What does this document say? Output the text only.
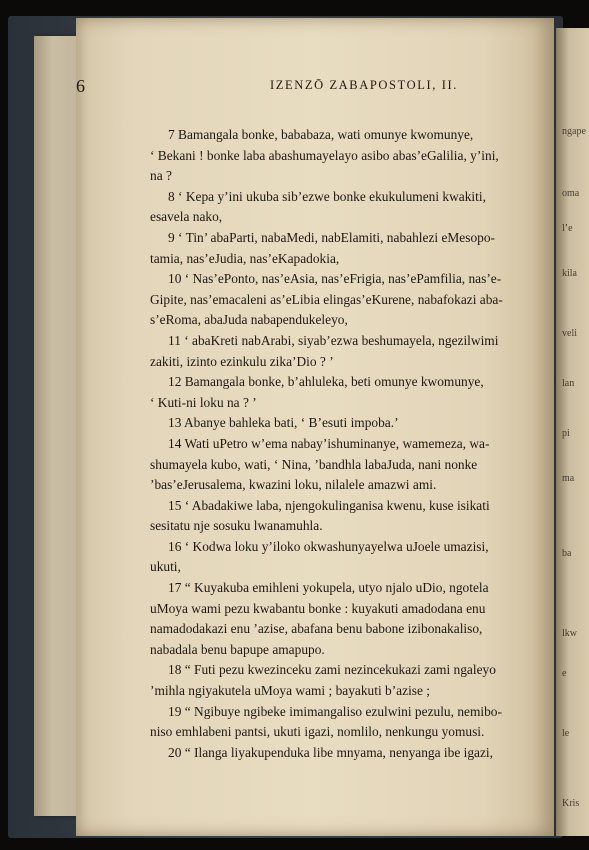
ngape
oma
l’e
kila
veli
lan
pi
ma
ba
lkw
e
le
Kris
6	IZENZŌ ZABAPOSTOLI, II.
7 Bamangala bonke, bababaza, wati omunye kwomunye,
‘ Bekani ! bonke laba abashumayelayo asibo abas’eGalilia, y’ini,
na ?
8 ‘ Kepa y’ini ukuba sib’ezwe bonke ekukulumeni kwakiti,
esavela nako,
9 ‘ Tin’ abaParti, nabaMedi, nabElamiti, nabahlezi eMesopo-
tamia, nas’eJudia, nas’eKapadokia,
10 ‘ Nas’ePonto, nas’eAsia, nas’eFrigia, nas’ePamfilia, nas’e-
Gipite, nas’emacaleni as’eLibia elingas’eKurene, nabafokazi aba-
s’eRoma, abaJuda nabapendukeleyo,
11 ‘ abaKreti nabArabi, siyab’ezwa beshumayela, ngezilwimi
zakiti, izinto ezinkulu zika’Dio ? ’
12 Bamangala bonke, b’ahluleka, beti omunye kwomunye,
‘ Kuti-ni loku na ? ’
13 Abanye bahleka bati, ‘ B’esuti impoba.’
14 Wati uPetro w’ema nabay’ishuminanye, wamemeza, wa-
shumayela kubo, wati, ‘ Nina, ’bandhla labaJuda, nani nonke
’bas’eJerusalema, kwazini loku, nilalele amazwi ami.
15 ‘ Abadakiwe laba, njengokulinganisa kwenu, kuse isikati
sesitatu nje sosuku lwanamuhla.
16 ‘ Kodwa loku y’iloko okwashunyayelwa uJoele umazisi,
ukuti,
17 “ Kuyakuba emihleni yokupela, utyo njalo uDio, ngotela
uMoya wami pezu kwabantu bonke : kuyakuti amadodana enu
namadodakazi enu ’azise, abafana benu babone izibonakaliso,
nabadala benu bapupe amapupo.
18 “ Futi pezu kwezinceku zami nezincekukazi zami ngaleyo
’mihla ngiyakutela uMoya wami ; bayakuti b’azise ;
19 “ Ngibuye ngibeke imimangaliso ezulwini pezulu, nemibo-
niso emhlabeni pantsi, ukuti igazi, nomlilo, nenkungu yomusi.
20 “ Ilanga liyakupenduka libe mnyama, nenyanga ibe igazi,
